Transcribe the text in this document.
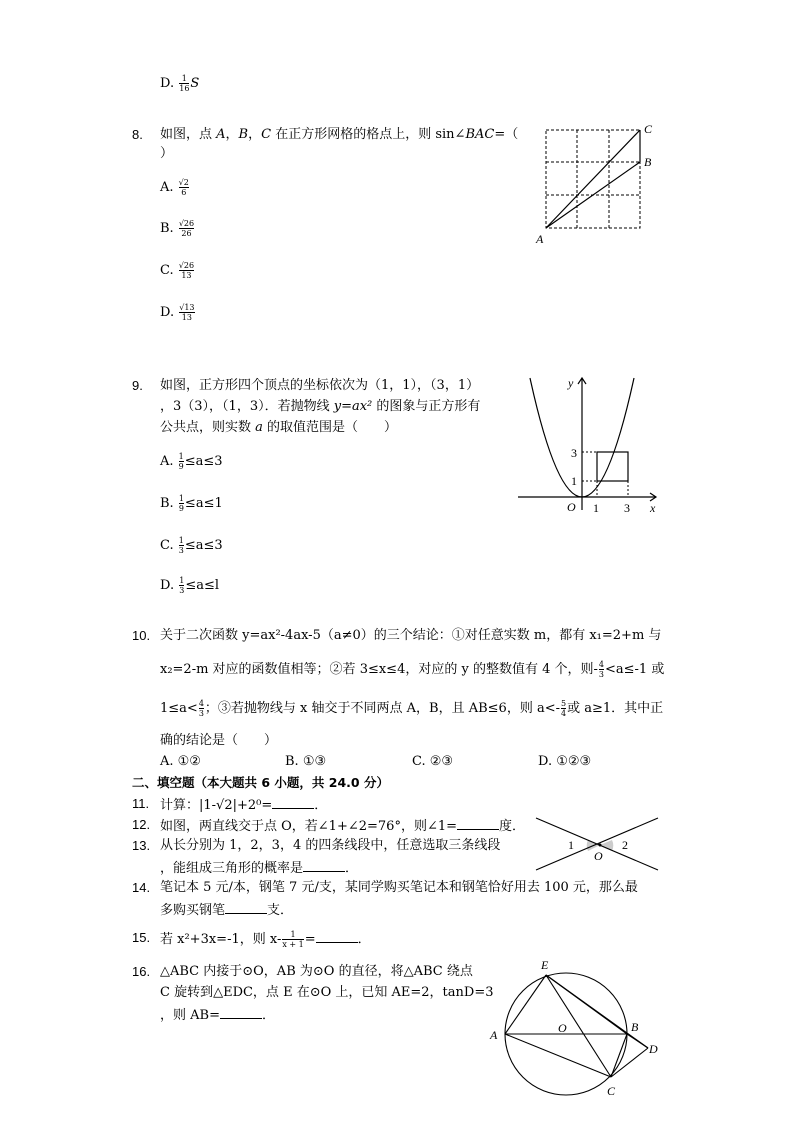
D. $\frac{1}{16}$ S
8. 如图，点 A，B，C 在正方形网格的格点上，则 sin∠BAC=（
）
A. $\frac{√2}{6}$
B. $\frac{√26}{26}$
C. $\frac{√26}{13}$
D. $\frac{√13}{13}$
A
B
C
9. 如图，正方形四个顶点的坐标依次为（1，1），（3，1）
，3（3），（1，3）．若抛物线 y=ax² 的图象与正方形有
公共点，则实数 a 的取值范围是（　　）
A. $\frac{1}{9} \le a\le 3$
B. $\frac{1}{9} \le a\le 1$
C. $\frac{1}{3} \le a\le 3$
D. $\frac{1}{3} \le a\le l$
y
x
O 1 3
1
3
10. 关于二次函数 y=ax²-4ax-5（a≠0）的三个结论：①对任意实数 m，都有 x₁=2+m 与
x₂=2-m 对应的函数值相等；②若 3≤x≤4，对应的 y 的整数值有 4 个，则- $\frac{4}{3} <a\le-1$ 或
$1\le a< \frac{4}{3}$ ；③若抛物线与 x 轴交于不同两点 A，B，且 AB≤6，则 $a<- \frac{5}{4}$ 或 a≥1．其中正
确的结论是（　　）
A. ①②	B. ①③	C. ②③	D. ①②③
二、填空题（本大题共 6 小题，共 24.0 分）
11. 计算：|1-√2|+2⁰=	．
12. 如图，两直线交于点 O，若∠1+∠2=76°，则∠1=	度．
13. 从长分别为 1，2，3，4 的四条线段中，任意选取三条线段
，能组成三角形的概率是	．
1
O
2
14. 笔记本 5 元/本，钢笔 7 元/支，某同学购买笔记本和钢笔恰好用去 100 元，那么最
多购买钢笔	支．
15. 若 x²+3x=-1，则 $x- \frac{1}{x + 1}$ =	．
16. △ABC 内接于⊙O，AB 为⊙O 的直径，将△ABC 绕点
C 旋转到△EDC，点 E 在⊙O 上，已知 AE=2，tanD=3
，则 AB=	．
E
A	O	B
D
C
